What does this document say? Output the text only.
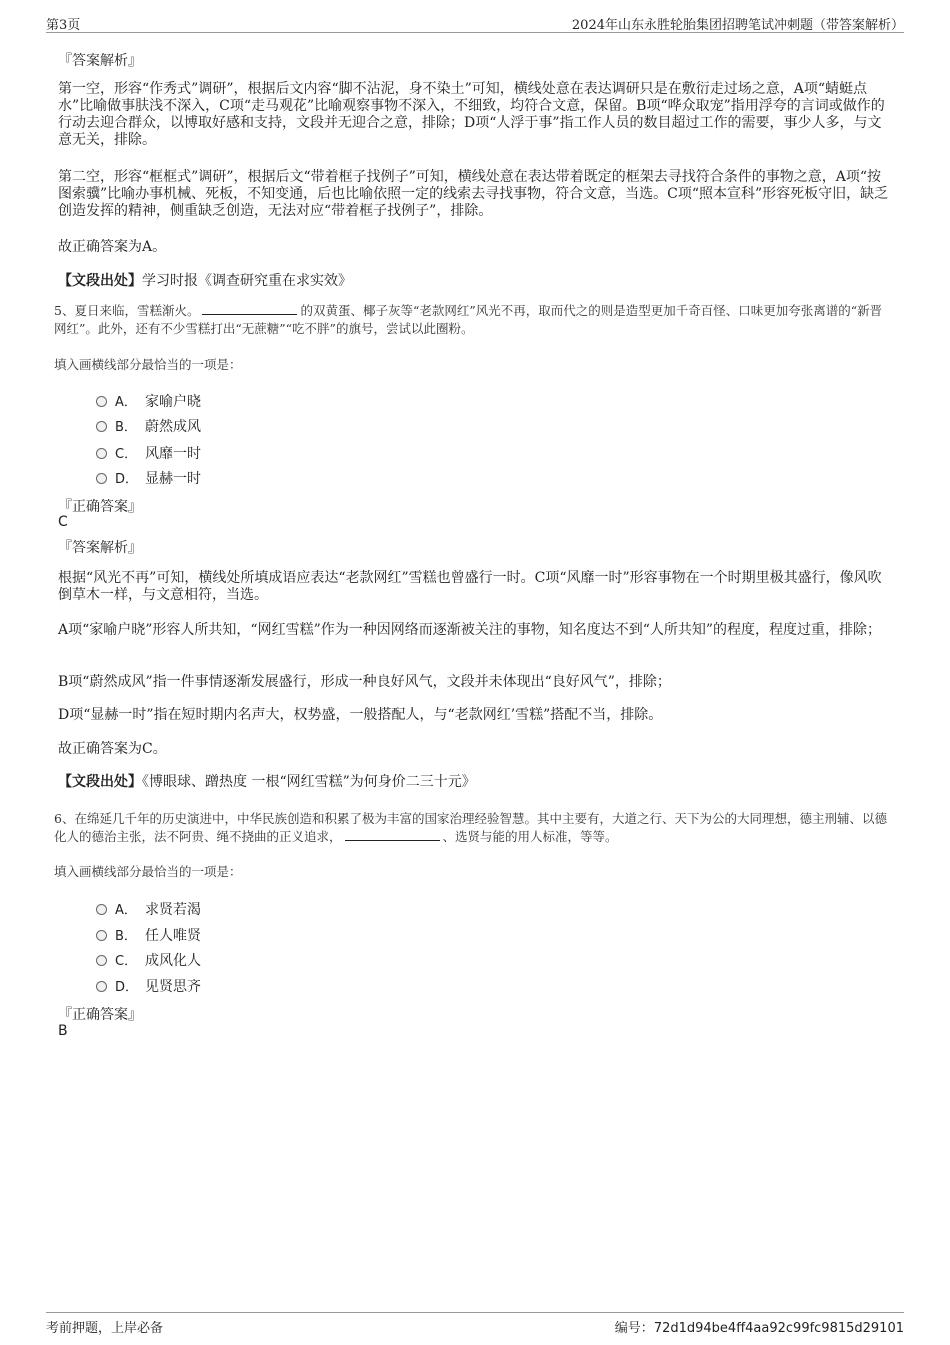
第3页	2024年山东永胜轮胎集团招聘笔试冲刺题（带答案解析）
『答案解析』
第一空，形容“作秀式”调研”，根据后文内容“脚不沾泥，身不染土”可知，横线处意在表达调研只是在敷衍走过场之意，A项“蜻蜓点水”比喻做事肤浅不深入，C项“走马观花”比喻观察事物不深入，不细致，均符合文意，保留。B项“哗众取宠”指用浮夸的言词或做作的行动去迎合群众，以博取好感和支持，文段并无迎合之意，排除；D项“人浮于事”指工作人员的数目超过工作的需要，事少人多，与文意无关，排除。
第二空，形容“框框式”调研”，根据后文“带着框子找例子”可知，横线处意在表达带着既定的框架去寻找符合条件的事物之意，A项“按图索骥”比喻办事机械、死板，不知变通，后也比喻依照一定的线索去寻找事物，符合文意，当选。C项“照本宣科”形容死板守旧，缺乏创造发挥的精神，侧重缺乏创造，无法对应“带着框子找例子”，排除。
故正确答案为A。
【文段出处】学习时报《调查研究重在求实效》
5、夏日来临，雪糕渐火。	的双黄蛋、椰子灰等“老款网红”风光不再，取而代之的则是造型更加千奇百怪、口味更加夸张离谱的“新晋网红”。此外，还有不少雪糕打出“无蔗糖”“吃不胖”的旗号，尝试以此圈粉。
填入画横线部分最恰当的一项是：
A． 家喻户晓
B． 蔚然成风
C． 风靡一时
D． 显赫一时
『正确答案』
C
『答案解析』
根据“风光不再”可知，横线处所填成语应表达“老款网红”雪糕也曾盛行一时。C项“风靡一时”形容事物在一个时期里极其盛行，像风吹倒草木一样，与文意相符，当选。
A项“家喻户晓”形容人所共知，“网红雪糕”作为一种因网络而逐渐被关注的事物，知名度达不到“人所共知”的程度，程度过重，排除；
B项“蔚然成风”指一件事情逐渐发展盛行，形成一种良好风气，文段并未体现出“良好风气”，排除；
D项“显赫一时”指在短时期内名声大，权势盛，一般搭配人，与“老款网红’雪糕”搭配不当，排除。
故正确答案为C。
【文段出处】《博眼球、蹭热度 一根“网红雪糕”为何身价二三十元》
6、在绵延几千年的历史演进中，中华民族创造和积累了极为丰富的国家治理经验智慧。其中主要有，大道之行、天下为公的大同理想，德主刑辅、以德化人的德治主张，法不阿贵、绳不挠曲的正义追求，	、选贤与能的用人标准，等等。
填入画横线部分最恰当的一项是：
A． 求贤若渴
B． 任人唯贤
C． 成风化人
D． 见贤思齐
『正确答案』
B
考前押题，上岸必备	编号：72d1d94be4ff4aa92c99fc9815d29101
